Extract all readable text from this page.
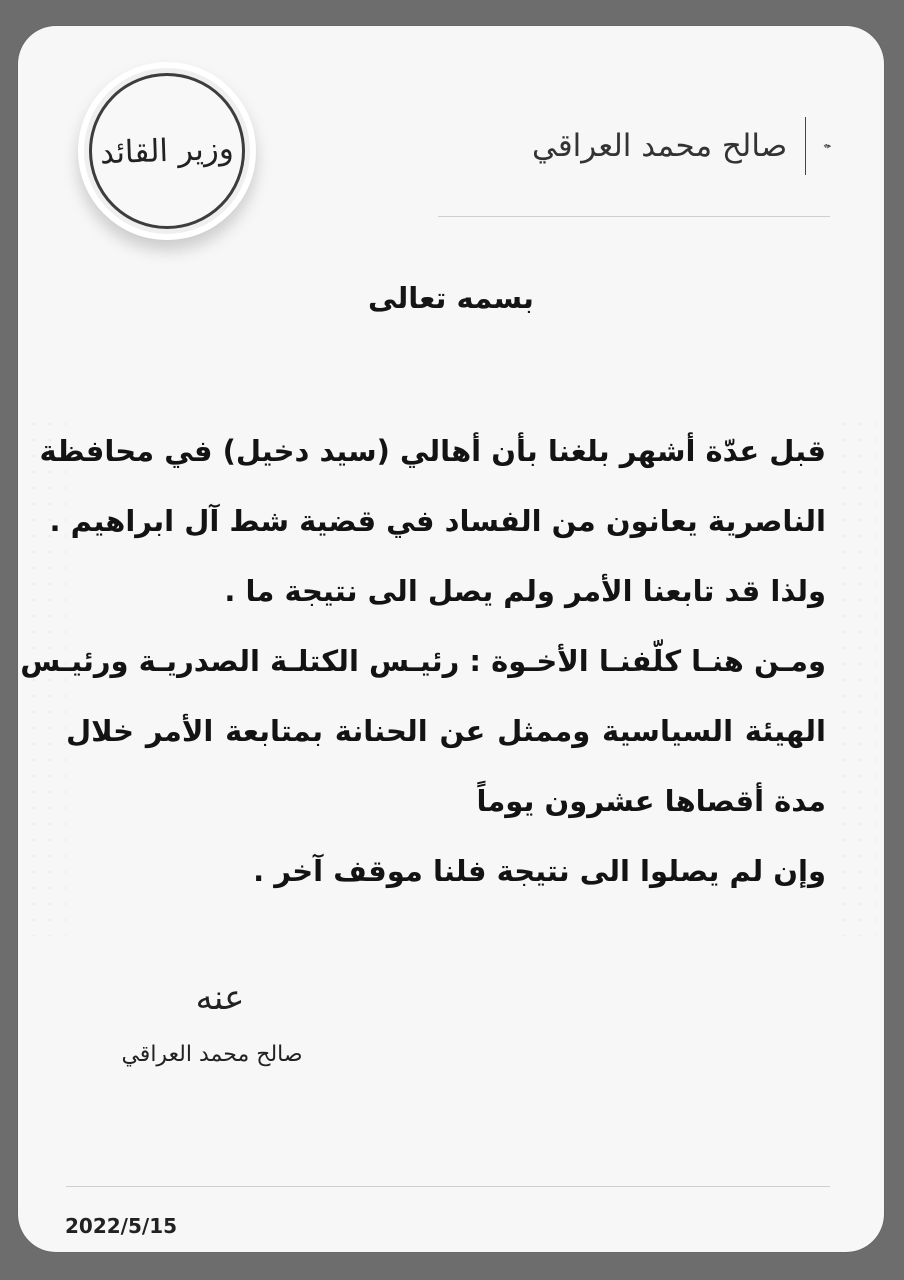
وزير القائد	صالح محمد العراقي
بسمه تعالى
قبل عدّة أشهر بلغنا بأن أهالي (سيد دخيل) في محافظة
الناصرية يعانون من الفساد في قضية شط آل ابراهيم .
ولذا قد تابعنا الأمر ولم يصل الى نتيجة ما .
ومـن هنـا كلّفنـا الأخـوة : رئيـس الكتلـة الصدريـة ورئيـس
الهيئة السياسية وممثل عن الحنانة بمتابعة الأمر خلال
مدة أقصاها عشرون يوماً
وإن لم يصلوا الى نتيجة فلنا موقف آخر .
عنه
صالح محمد العراقي
2022/5/15
